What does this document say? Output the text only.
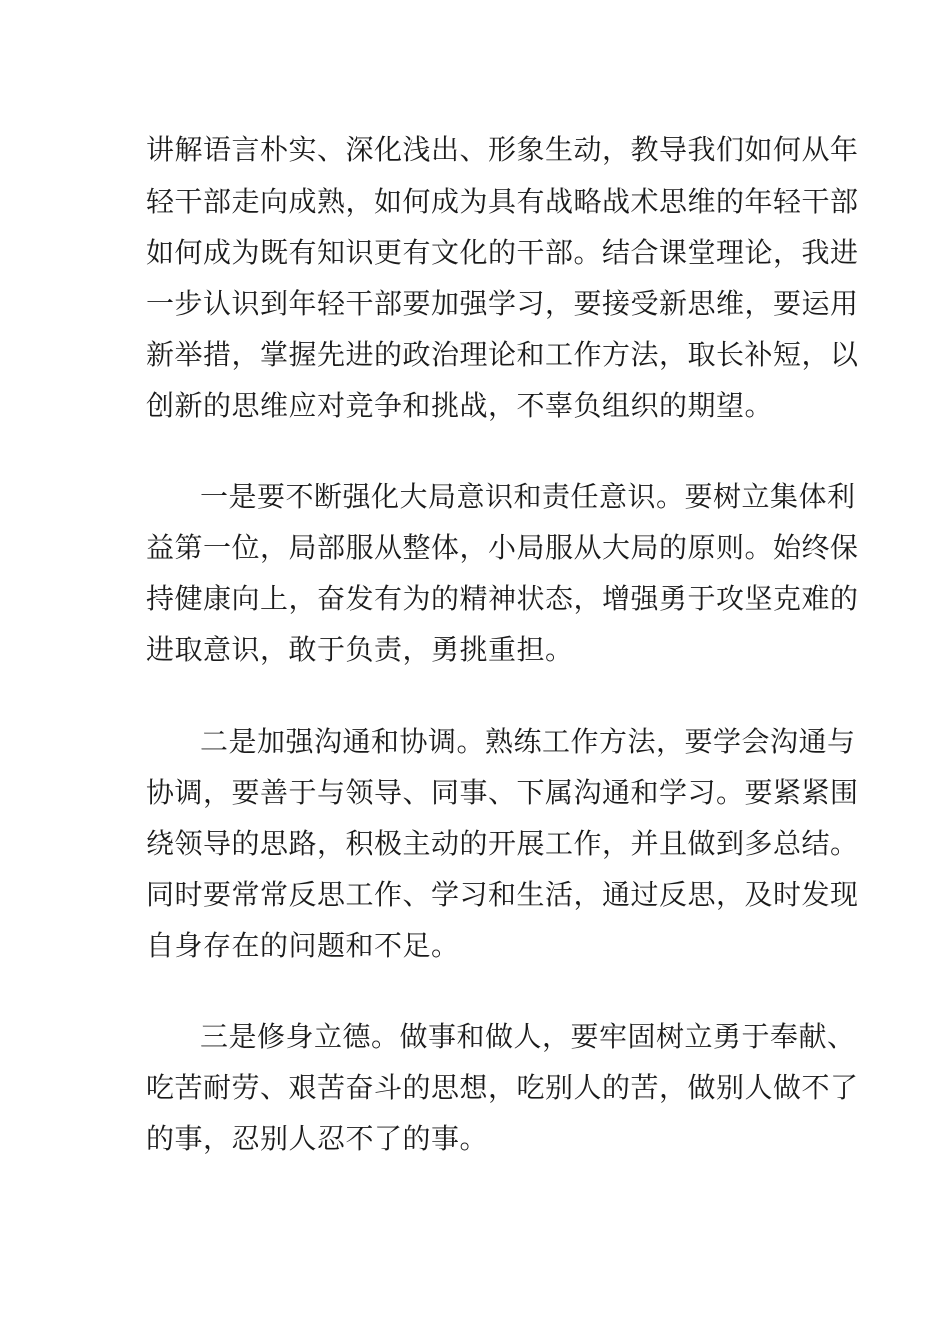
讲解语言朴实、深化浅出、形象生动，教导我们如何从年
轻干部走向成熟，如何成为具有战略战术思维的年轻干部
如何成为既有知识更有文化的干部。结合课堂理论，我进
一步认识到年轻干部要加强学习，要接受新思维，要运用
新举措，掌握先进的政治理论和工作方法，取长补短，以
创新的思维应对竞争和挑战，不辜负组织的期望。
一是要不断强化大局意识和责任意识。要树立集体利
益第一位，局部服从整体，小局服从大局的原则。始终保
持健康向上，奋发有为的精神状态，增强勇于攻坚克难的
进取意识，敢于负责，勇挑重担。
二是加强沟通和协调。熟练工作方法，要学会沟通与
协调，要善于与领导、同事、下属沟通和学习。要紧紧围
绕领导的思路，积极主动的开展工作，并且做到多总结。
同时要常常反思工作、学习和生活，通过反思，及时发现
自身存在的问题和不足。
三是修身立德。做事和做人，要牢固树立勇于奉献、
吃苦耐劳、艰苦奋斗的思想，吃别人的苦，做别人做不了
的事，忍别人忍不了的事。
